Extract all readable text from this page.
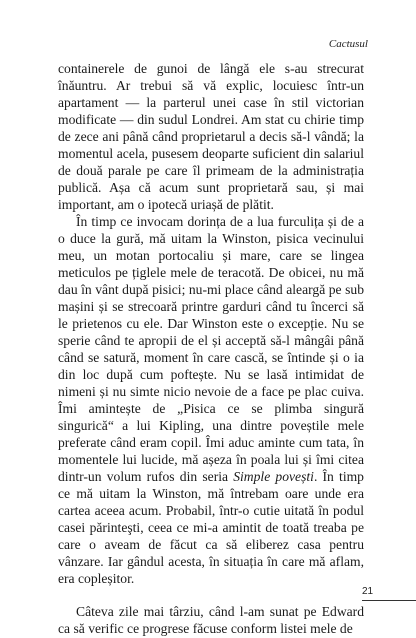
Cactusul

containerele de gunoi de lângă ele s-au strecurat înăuntru. Ar trebui să vă explic, locuiesc într-un apartament — la parterul unei case în stil victorian modificate — din sudul Londrei. Am stat cu chirie timp de zece ani până când proprietarul a decis să-l vândă; la momentul acela, pusesem deoparte suficient din salariul de două parale pe care îl primeam de la administrația publică. Așa că acum sunt proprietară sau, și mai important, am o ipotecă uriașă de plătit.

În timp ce invocam dorința de a lua furculița și de a o duce la gură, mă uitam la Winston, pisica vecinului meu, un motan portocaliu și mare, care se lingea meticulos pe țiglele mele de teracotă. De obicei, nu mă dau în vânt după pisici; nu-mi place când aleargă pe sub mașini și se strecoară printre garduri când tu încerci să le prietenos cu ele. Dar Winston este o excepție. Nu se sperie când te apropii de el și acceptă să-l mângâi până când se satură, moment în care cască, se întinde și o ia din loc după cum poftește. Nu se lasă intimidat de nimeni și nu simte nicio nevoie de a face pe plac cuiva. Îmi amintește de „Pisica ce se plimba singură singurică“ a lui Kipling, una dintre poveștile mele preferate când eram copil. Îmi aduc aminte cum tata, în momentele lui lucide, mă așeza în poala lui și îmi citea dintr-un volum rufos din seria Simple povești. În timp ce mă uitam la Winston, mă întrebam oare unde era cartea aceea acum. Probabil, într-o cutie uitată în podul casei părinteşti, ceea ce mi-a amintit de toată treaba pe care o aveam de făcut ca să eliberez casa pentru vânzare. Iar gândul acesta, în situația în care mă aflam, era copleșitor.

Câteva zile mai târziu, când l-am sunat pe Edward ca să verific ce progrese făcuse conform listei mele de

21
